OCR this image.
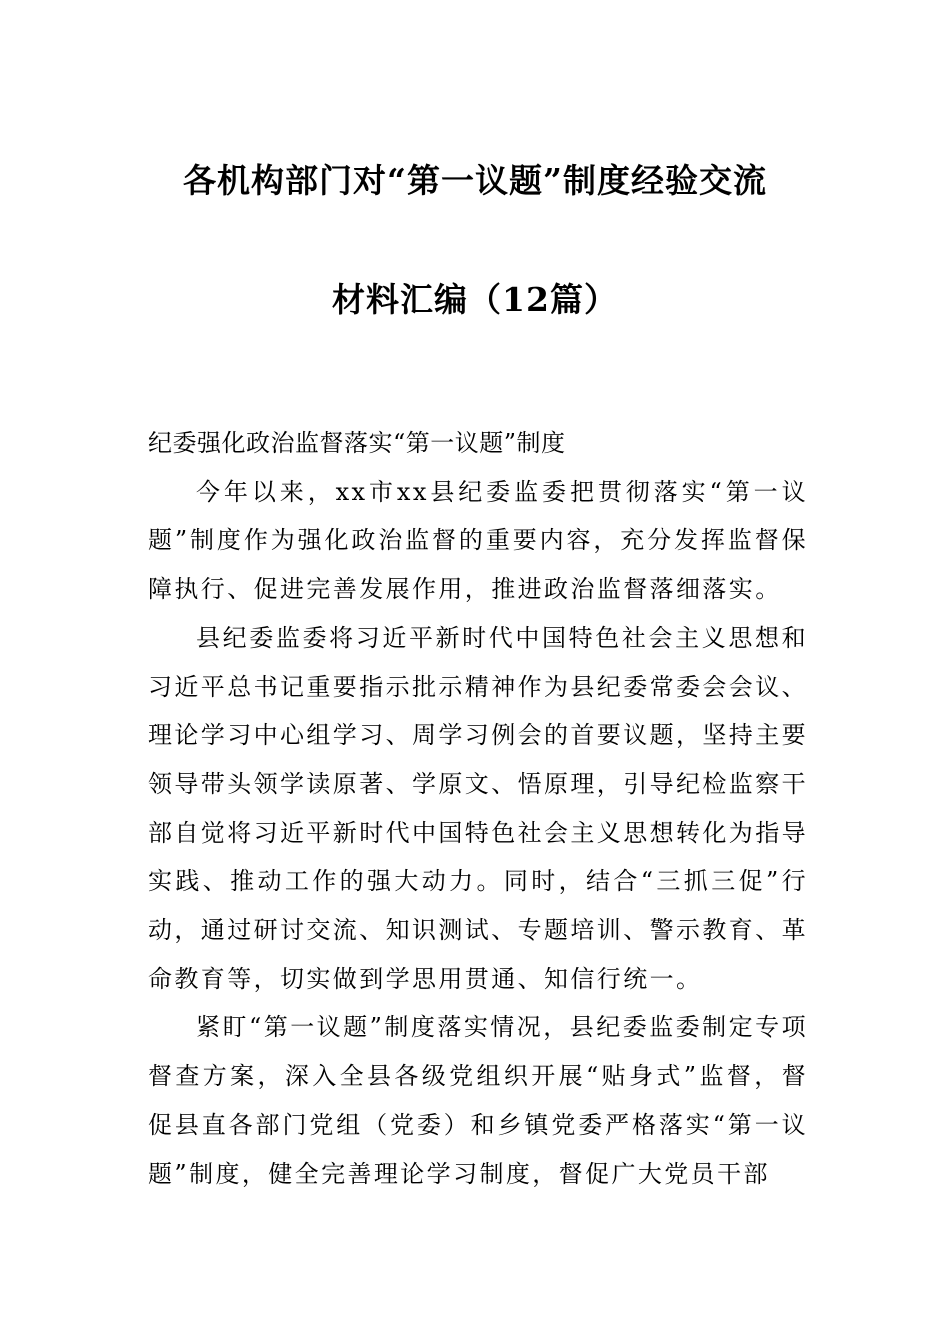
各机构部门对“第一议题”制度经验交流
材料汇编（12篇）

纪委强化政治监督落实“第一议题”制度

今年以来，xx市xx县纪委监委把贯彻落实“第一议题”制度作为强化政治监督的重要内容，充分发挥监督保障执行、促进完善发展作用，推进政治监督落细落实。

县纪委监委将习近平新时代中国特色社会主义思想和习近平总书记重要指示批示精神作为县纪委常委会会议、理论学习中心组学习、周学习例会的首要议题，坚持主要领导带头领学读原著、学原文、悟原理，引导纪检监察干部自觉将习近平新时代中国特色社会主义思想转化为指导实践、推动工作的强大动力。同时，结合“三抓三促”行动，通过研讨交流、知识测试、专题培训、警示教育、革命教育等，切实做到学思用贯通、知信行统一。

紧盯“第一议题”制度落实情况，县纪委监委制定专项督查方案，深入全县各级党组织开展“贴身式”监督，督促县直各部门党组（党委）和乡镇党委严格落实“第一议题”制度，健全完善理论学习制度，督促广大党员干部
